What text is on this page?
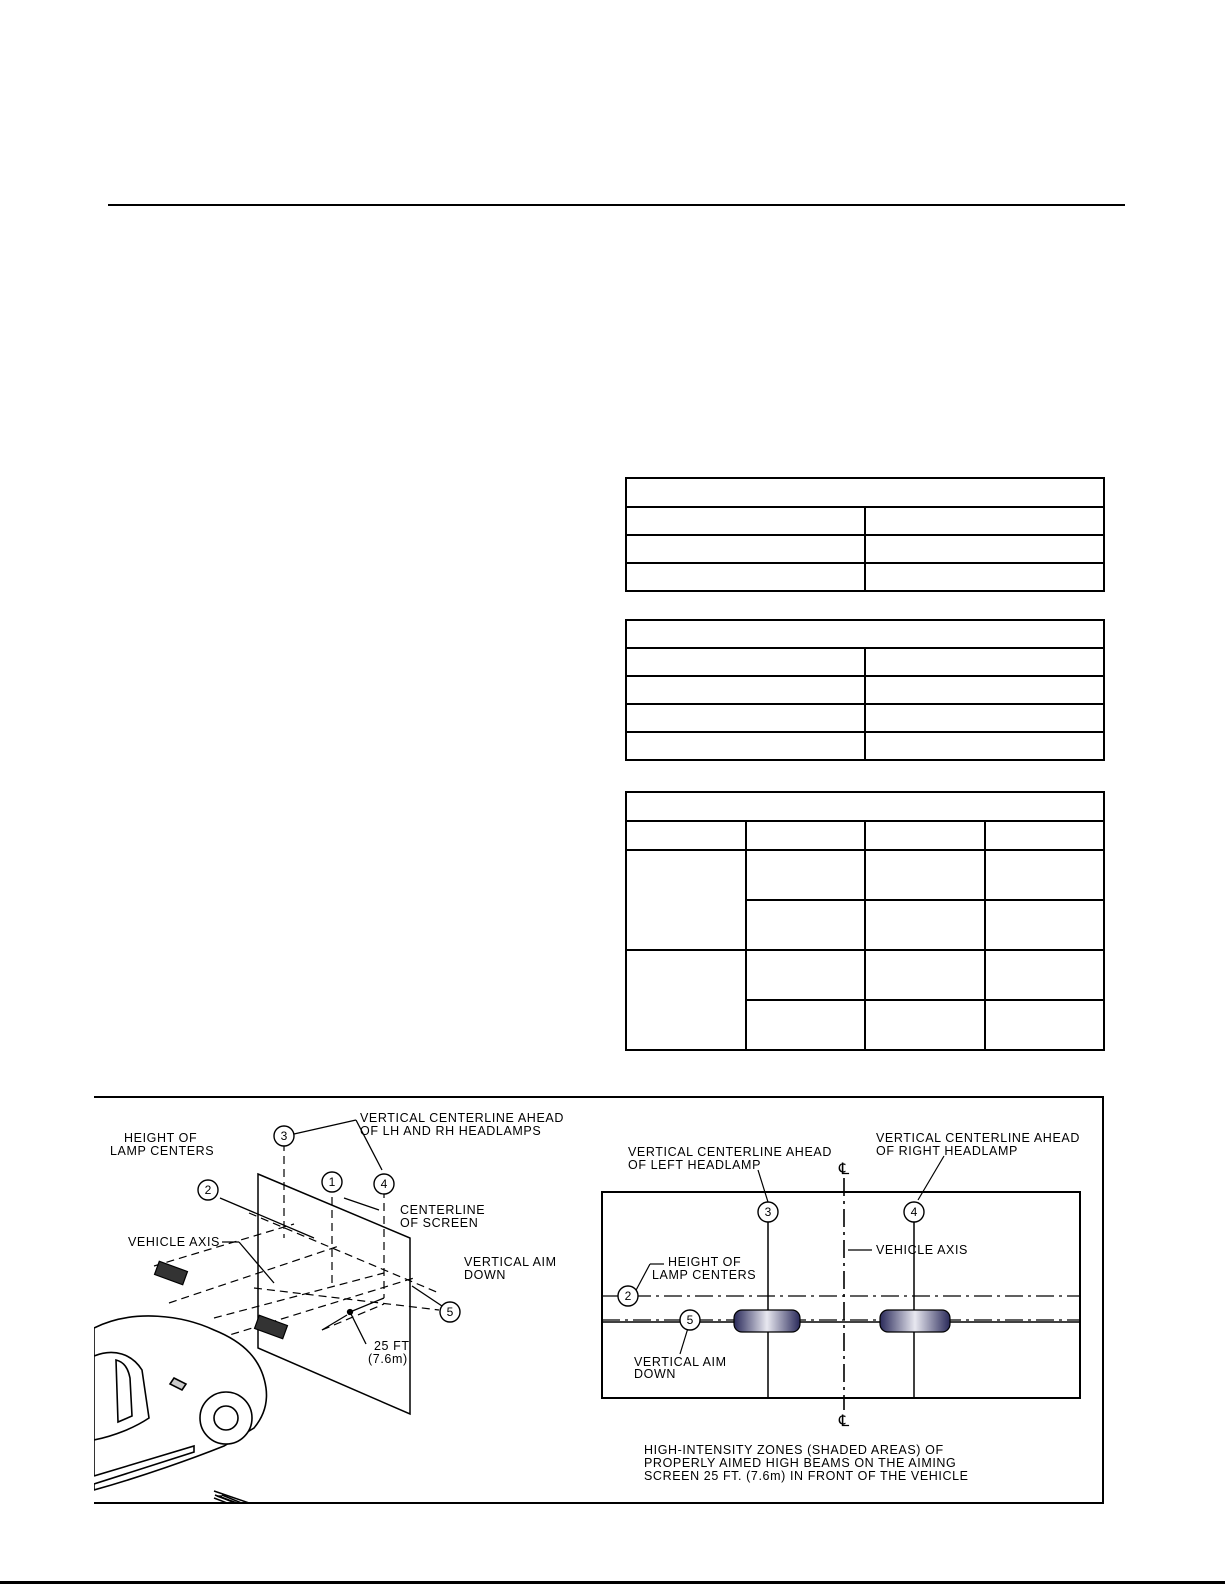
3
2
1	4
5
HEIGHT OF
LAMP CENTERS
VERTICAL CENTERLINE AHEAD
OF LH AND RH HEADLAMPS
CENTERLINE
OF SCREEN
VEHICLE AXIS
VERTICAL AIM
DOWN
25 FT
(7.6m)
3	4
2
5
℄
℄
VERTICAL CENTERLINE AHEAD
OF LEFT HEADLAMP
VERTICAL CENTERLINE AHEAD
OF RIGHT HEADLAMP
VEHICLE AXIS
HEIGHT OF
LAMP CENTERS
VERTICAL AIM
DOWN
HIGH-INTENSITY ZONES (SHADED AREAS) OF
PROPERLY AIMED HIGH BEAMS ON THE AIMING
SCREEN 25 FT. (7.6m) IN FRONT OF THE VEHICLE
